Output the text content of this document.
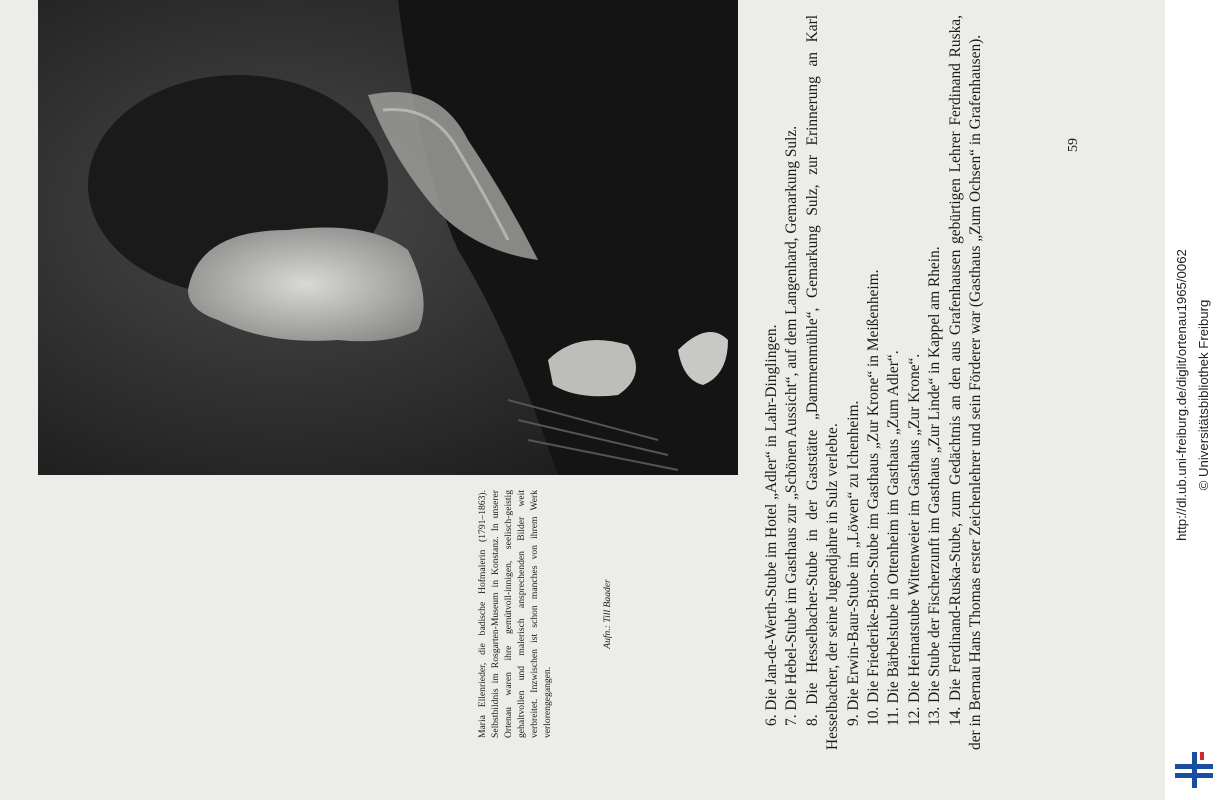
Maria Ellenrieder, die badische Hofmalerin (1791–1863). Selbstbildnis im Rosgarten-Museum in Konstanz. In unserer Ortenau waren ihre gemütvoll-innigen, seelisch-geistig gehaltvollen und malerisch ansprechenden Bilder weit verbreitet. Inzwischen ist schon manches von ihrem Werk verlorengegangen.
Aufn.: Till Baader	6. Die Jan-de-Werth-Stube im Hotel „Adler“ in Lahr-Dinglingen. 7. Die Hebel-Stube im Gasthaus zur „Schönen Aussicht“, auf dem Langenhard, Gemarkung Sulz. 8. Die Hesselbacher-Stube in der Gaststätte „Dammenmühle“, Gemarkung Sulz, zur Erinnerung an Karl Hesselbacher, der seine Jugendjahre in Sulz verlebte. 9. Die Erwin-Baur-Stube im „Löwen“ zu Ichenheim. 10. Die Friederike-Brion-Stube im Gasthaus „Zur Krone“ in Meißenheim. 11. Die Bärbelstube in Ottenheim im Gasthaus „Zum Adler“. 12. Die Heimatstube Wittenweier im Gasthaus „Zur Krone“. 13. Die Stube der Fischerzunft im Gasthaus „Zur Linde“ in Kappel am Rhein. 14. Die Ferdinand-Ruska-Stube, zum Gedächtnis an den aus Grafenhausen gebürtigen Lehrer Ferdinand Ruska, der in Bernau Hans Thomas erster Zeichenlehrer und sein Förderer war (Gasthaus „Zum Ochsen“ in Grafenhausen).	59
http://dl.ub.uni-freiburg.de/diglit/ortenau1965/0062 © Universitätsbibliothek Freiburg
